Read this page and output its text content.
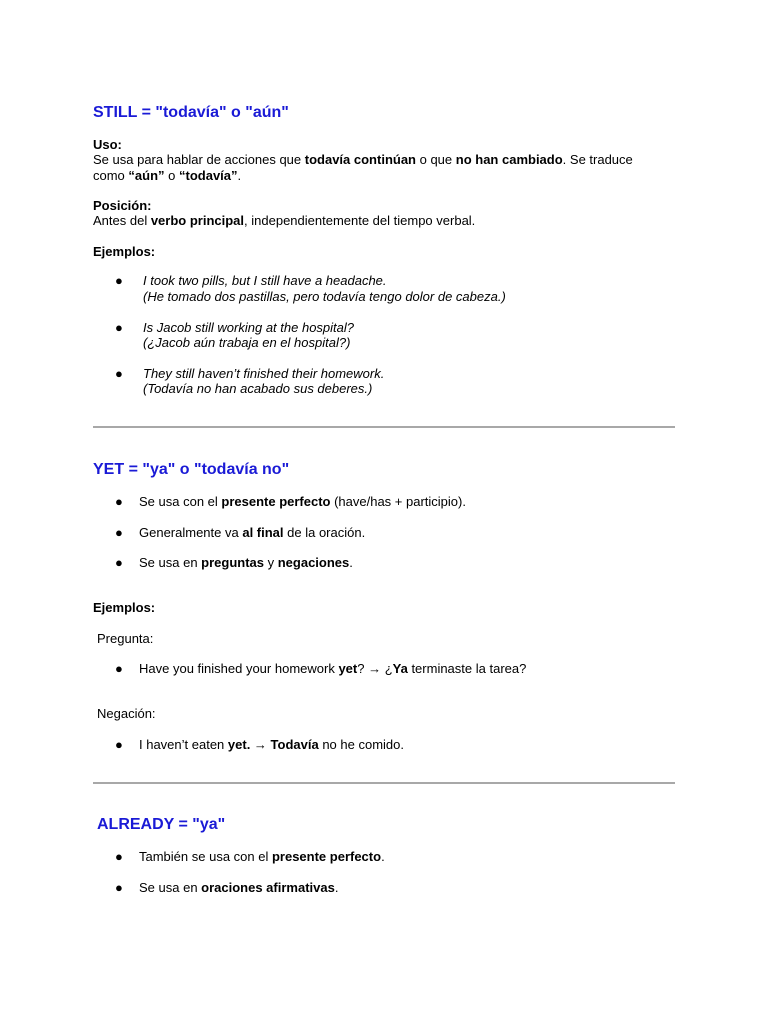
STILL = "todavía" o "aún"

Uso:

Se usa para hablar de acciones que todavía continúan o que no han cambiado. Se traduce como “aún” o “todavía”.

Posición:

Antes del verbo principal, independientemente del tiempo verbal.

Ejemplos:

● I took two pills, but I still have a headache.

(He tomado dos pastillas, pero todavía tengo dolor de cabeza.)

● Is Jacob still working at the hospital?

(¿Jacob aún trabaja en el hospital?)

● They still haven’t finished their homework.

(Todavía no han acabado sus deberes.)

YET = "ya" o "todavía no"
● Se usa con el presente perfecto (have/has + participio).
● Generalmente va al final de la oración.
● Se usa en preguntas y negaciones.

Ejemplos:

Pregunta:

● Have you finished your homework yet? → ¿Ya terminaste la tarea?

Negación:

● I haven’t eaten yet. → Todavía no he comido.
ALREADY = "ya"
● También se usa con el presente perfecto.
● Se usa en oraciones afirmativas.
